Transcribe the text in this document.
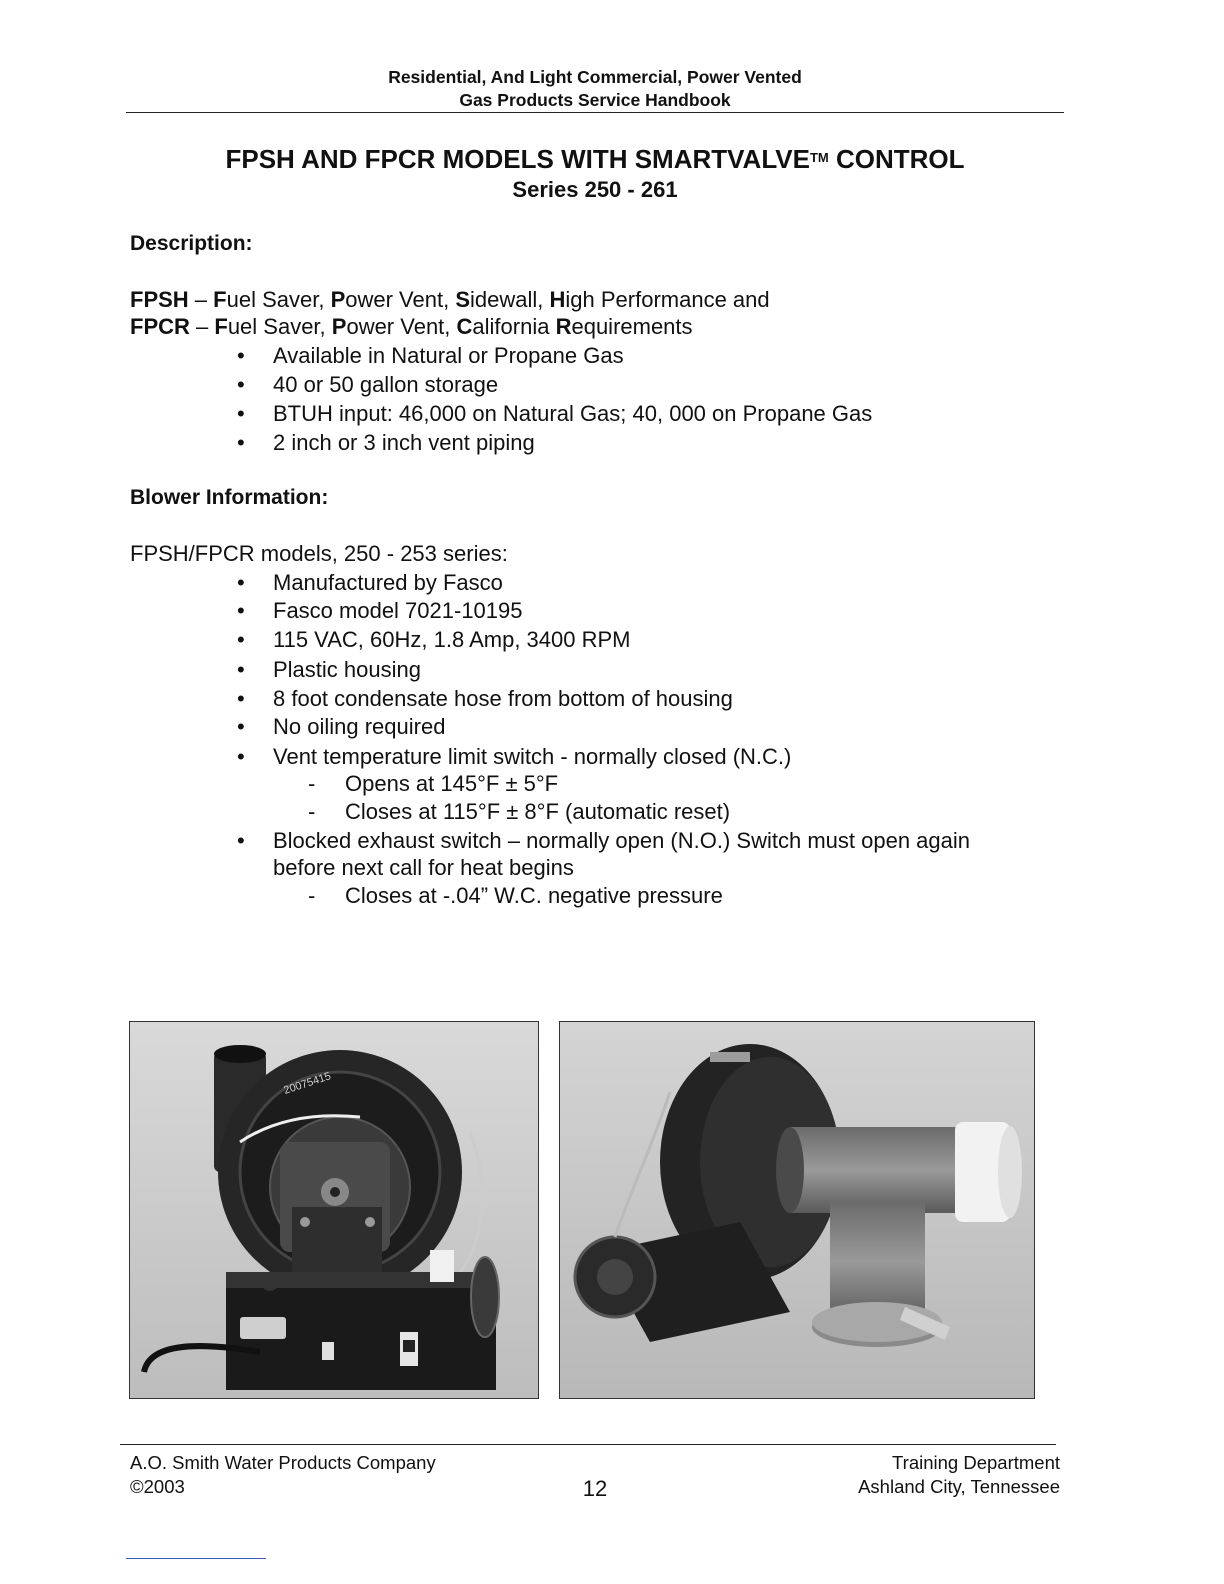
Residential, And Light Commercial, Power Vented
Gas Products Service Handbook
FPSH AND FPCR MODELS WITH SMARTVALVE™ CONTROL
Series 250 - 261
Description:
FPSH – Fuel Saver, Power Vent, Sidewall, High Performance and
FPCR – Fuel Saver, Power Vent, California Requirements
• Available in Natural or Propane Gas
• 40 or 50 gallon storage
• BTUH input: 46,000 on Natural Gas; 40, 000 on Propane Gas
• 2 inch or 3 inch vent piping
Blower Information:
FPSH/FPCR models, 250 - 253 series:
• Manufactured by Fasco
• Fasco model 7021-10195
• 115 VAC, 60Hz, 1.8 Amp, 3400 RPM
• Plastic housing
• 8 foot condensate hose from bottom of housing
• No oiling required
• Vent temperature limit switch - normally closed (N.C.)
- Opens at 145°F ± 5°F
- Closes at 115°F ± 8°F (automatic reset)
• Blocked exhaust switch – normally open (N.O.) Switch must open again
before next call for heat begins
- Closes at -.04” W.C. negative pressure
20075415
A.O. Smith Water Products Company
©2003	12
Training Department
Ashland City, Tennessee
